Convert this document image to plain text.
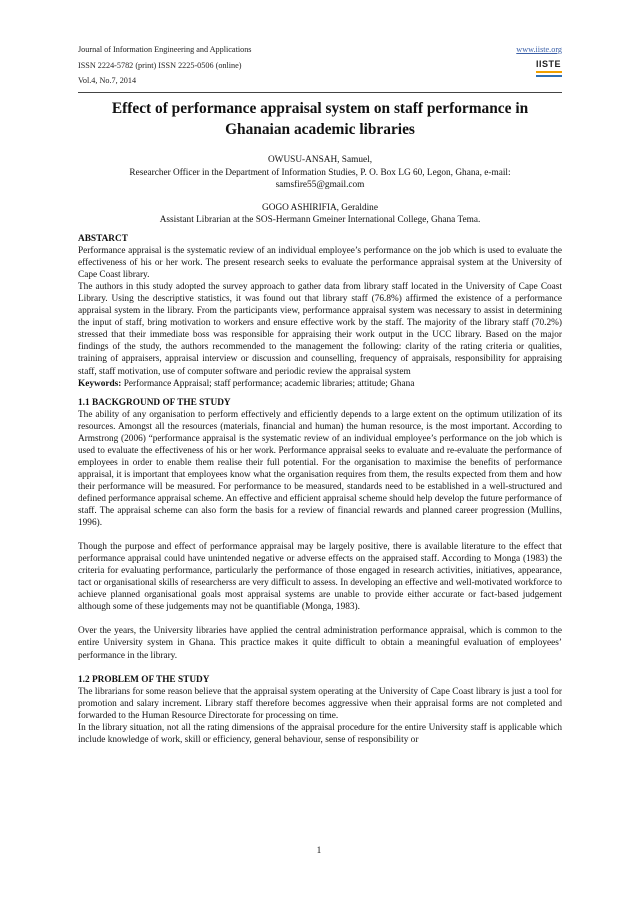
Journal of Information Engineering and Applications
ISSN 2224-5782 (print) ISSN 2225-0506 (online)
Vol.4, No.7, 2014
www.iiste.org
IISTE
Effect of performance appraisal system on staff performance in
Ghanaian academic libraries
OWUSU-ANSAH, Samuel,
Researcher Officer in the Department of Information Studies, P. O. Box LG 60, Legon, Ghana, e-mail:
samsfire55@gmail.com
GOGO ASHIRIFIA, Geraldine
Assistant Librarian at the SOS-Hermann Gmeiner International College, Ghana Tema.

ABSTARCT

Performance appraisal is the systematic review of an individual employee’s performance on the job which is used to evaluate the effectiveness of his or her work. The present research seeks to evaluate the performance appraisal system at the University of Cape Coast library.

The authors in this study adopted the survey approach to gather data from library staff located in the University of Cape Coast Library. Using the descriptive statistics, it was found out that library staff (76.8%) affirmed the existence of a performance appraisal system in the library. From the participants view, performance appraisal system was necessary to assist in determining the input of staff, bring motivation to workers and ensure effective work by the staff. The majority of the library staff (70.2%) stressed that their immediate boss was responsible for appraising their work output in the UCC library. Based on the major findings of the study, the authors recommended to the management the following: clarity of the rating criteria or qualities, training of appraisers, appraisal interview or discussion and counselling, frequency of appraisals, responsibility for appraising staff, staff motivation, use of computer software and periodic review the appraisal system

Keywords: Performance Appraisal; staff performance; academic libraries; attitude; Ghana

1.1 BACKGROUND OF THE STUDY

The ability of any organisation to perform effectively and efficiently depends to a large extent on the optimum utilization of its resources. Amongst all the resources (materials, financial and human) the human resource, is the most important. According to Armstrong (2006) “performance appraisal is the systematic review of an individual employee’s performance on the job which is used to evaluate the effectiveness of his or her work. Performance appraisal seeks to evaluate and re-evaluate the performance of employees in order to enable them realise their full potential. For the organisation to maximise the benefits of performance appraisal, it is important that employees know what the organisation requires from them, the results expected from them and how their performance will be measured. For performance to be measured, standards need to be established in a well-structured and defined performance appraisal scheme. An effective and efficient appraisal scheme should help develop the future performance of staff. The appraisal scheme can also form the basis for a review of financial rewards and planned career progression (Mullins, 1996).

Though the purpose and effect of performance appraisal may be largely positive, there is available literature to the effect that performance appraisal could have unintended negative or adverse effects on the appraised staff. According to Monga (1983) the criteria for evaluating performance, particularly the performance of those engaged in research activities, initiatives, appearance, tact or organisational skills of researcherss are very difficult to assess. In developing an effective and well-motivated workforce to achieve planned organisational goals most appraisal systems are unable to provide either accurate or fact-based judgement although some of these judgements may not be quantifiable (Monga, 1983).

Over the years, the University libraries have applied the central administration performance appraisal, which is common to the entire University system in Ghana. This practice makes it quite difficult to obtain a meaningful evaluation of employees’ performance in the library.

1.2 PROBLEM OF THE STUDY

The librarians for some reason believe that the appraisal system operating at the University of Cape Coast library is just a tool for promotion and salary increment. Library staff therefore becomes aggressive when their appraisal forms are not completed and forwarded to the Human Resource Directorate for processing on time.

In the library situation, not all the rating dimensions of the appraisal procedure for the entire University staff is applicable which include knowledge of work, skill or efficiency, general behaviour, sense of responsibility or

1
